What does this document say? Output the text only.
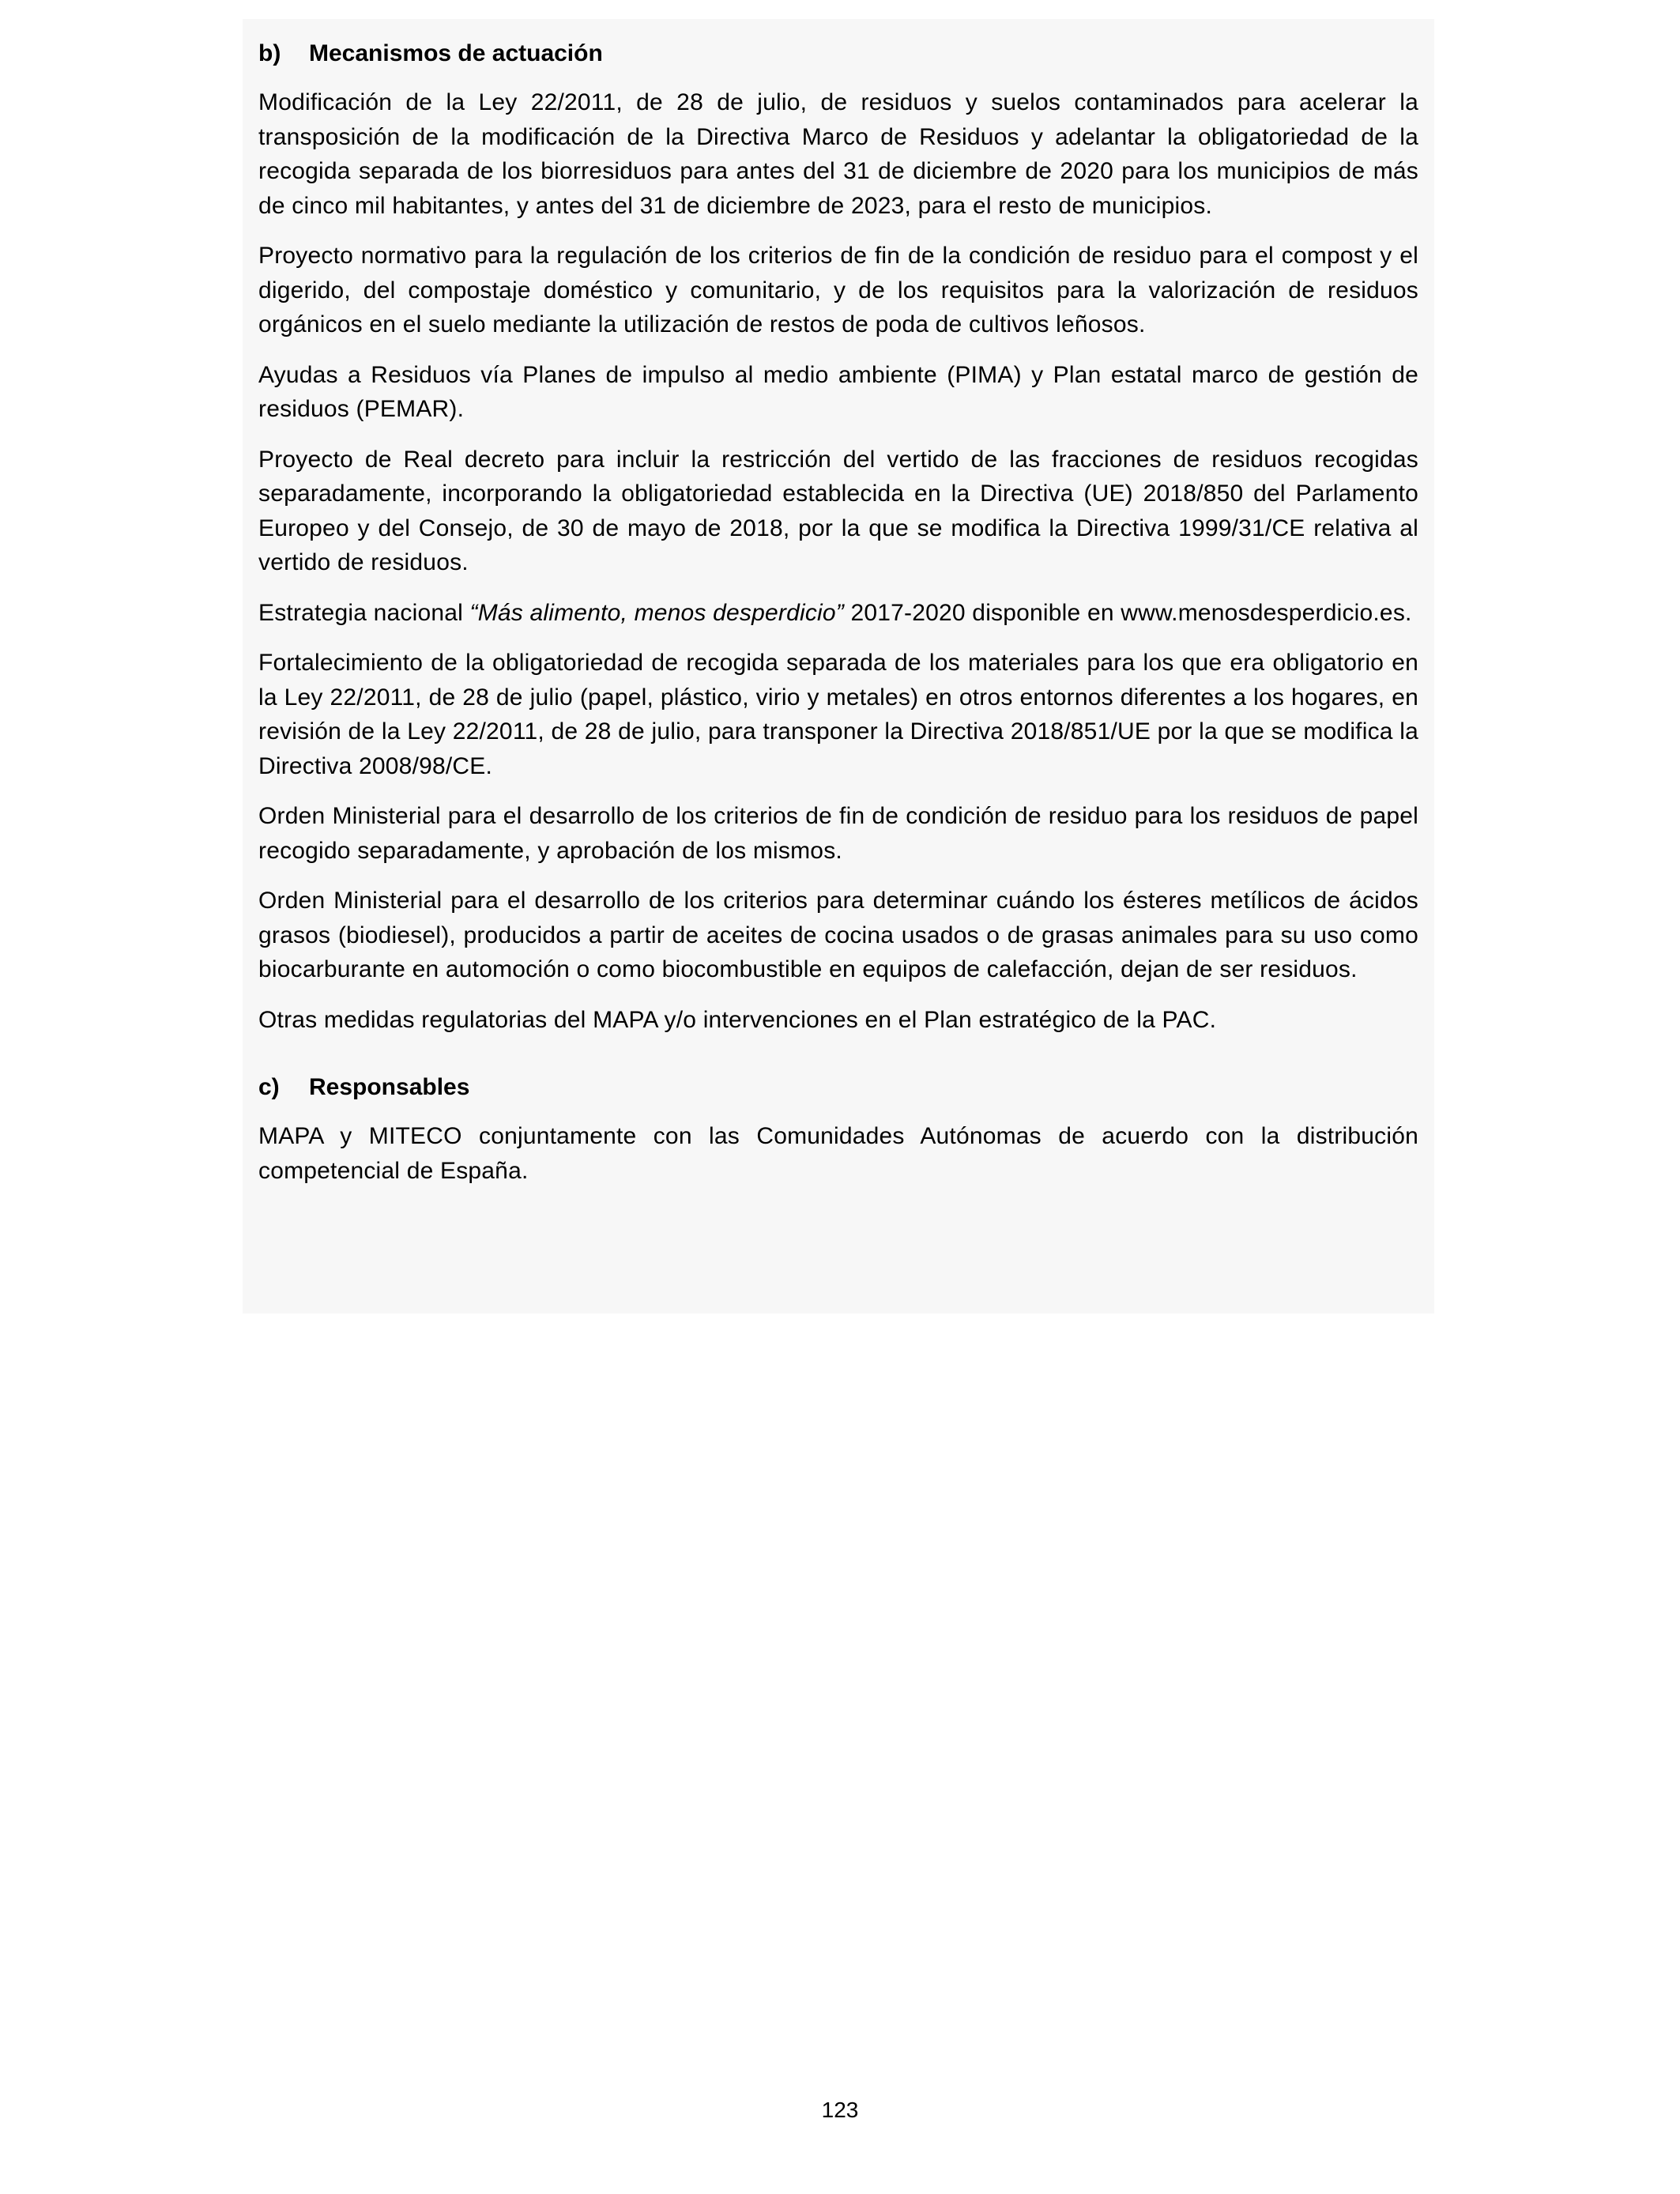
b)	Mecanismos de actuación

Modificación de la Ley 22/2011, de 28 de julio, de residuos y suelos contaminados para acelerar la transposición de la modificación de la Directiva Marco de Residuos y adelantar la obligatoriedad de la recogida separada de los biorresiduos para antes del 31 de diciembre de 2020 para los municipios de más de cinco mil habitantes, y antes del 31 de diciembre de 2023, para el resto de municipios.

Proyecto normativo para la regulación de los criterios de fin de la condición de residuo para el compost y el digerido, del compostaje doméstico y comunitario, y de los requisitos para la valorización de residuos orgánicos en el suelo mediante la utilización de restos de poda de cultivos leñosos.

Ayudas a Residuos vía Planes de impulso al medio ambiente (PIMA) y Plan estatal marco de gestión de residuos (PEMAR).

Proyecto de Real decreto para incluir la restricción del vertido de las fracciones de residuos recogidas separadamente, incorporando la obligatoriedad establecida en la Directiva (UE) 2018/850 del Parlamento Europeo y del Consejo, de 30 de mayo de 2018, por la que se modifica la Directiva 1999/31/CE relativa al vertido de residuos.

Estrategia nacional “Más alimento, menos desperdicio” 2017-2020 disponible en www.menosdesperdicio.es.

Fortalecimiento de la obligatoriedad de recogida separada de los materiales para los que era obligatorio en la Ley 22/2011, de 28 de julio (papel, plástico, virio y metales) en otros entornos diferentes a los hogares, en revisión de la Ley 22/2011, de 28 de julio, para transponer la Directiva 2018/851/UE por la que se modifica la Directiva 2008/98/CE.

Orden Ministerial para el desarrollo de los criterios de fin de condición de residuo para los residuos de papel recogido separadamente, y aprobación de los mismos.

Orden Ministerial para el desarrollo de los criterios para determinar cuándo los ésteres metílicos de ácidos grasos (biodiesel), producidos a partir de aceites de cocina usados o de grasas animales para su uso como biocarburante en automoción o como biocombustible en equipos de calefacción, dejan de ser residuos.

Otras medidas regulatorias del MAPA y/o intervenciones en el Plan estratégico de la PAC.

c)	Responsables

MAPA y MITECO conjuntamente con las Comunidades Autónomas de acuerdo con la distribución competencial de España.

123
